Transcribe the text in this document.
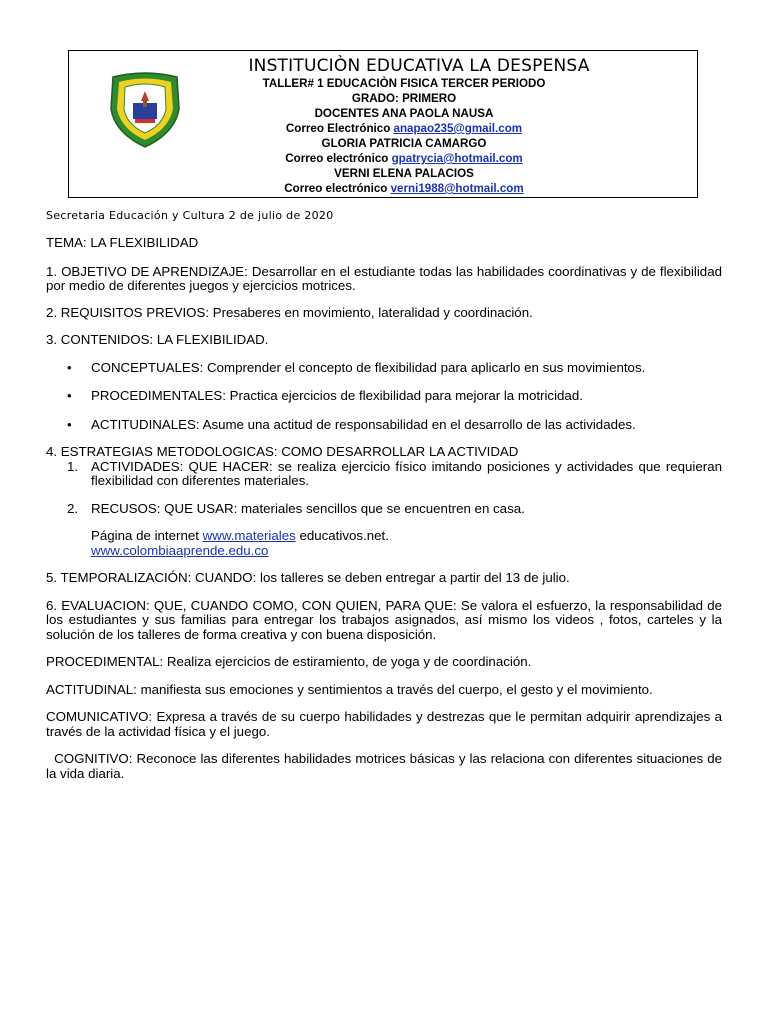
INSTITUCIÒN EDUCATIVA LA DESPENSA
TALLER# 1 EDUCACIÒN FISICA TERCER PERIODO
GRADO: PRIMERO
DOCENTES ANA PAOLA NAUSA
Correo Electrónico anapao235@gmail.com
GLORIA PATRICIA CAMARGO
Correo electrónico gpatrycia@hotmail.com
VERNI ELENA PALACIOS
Correo electrónico verni1988@hotmail.com
Secretaria Educación y Cultura 2 de julio de 2020

TEMA: LA FLEXIBILIDAD

1. OBJETIVO DE APRENDIZAJE: Desarrollar en el estudiante todas las habilidades coordinativas y de flexibilidad por medio de diferentes juegos y ejercicios motrices.

2. REQUISITOS PREVIOS: Presaberes en movimiento, lateralidad y coordinación.

3. CONTENIDOS: LA FLEXIBILIDAD.

• CONCEPTUALES: Comprender el concepto de flexibilidad para aplicarlo en sus movimientos.
• PROCEDIMENTALES: Practica ejercicios de flexibilidad para mejorar la motricidad.
• ACTITUDINALES: Asume una actitud de responsabilidad en el desarrollo de las actividades.

4. ESTRATEGIAS METODOLOGICAS: COMO DESARROLLAR LA ACTIVIDAD

1. ACTIVIDADES: QUE HACER: se realiza ejercicio físico imitando posiciones y actividades que requieran flexibilidad con diferentes materiales.
2. RECUSOS: QUE USAR: materiales sencillos que se encuentren en casa.
Página de internet www.materiales educativos.net.
www.colombiaaprende.edu.co

5. TEMPORALIZACIÓN: CUANDO: los talleres se deben entregar a partir del 13 de julio.

6. EVALUACION: QUE, CUANDO COMO, CON QUIEN, PARA QUE: Se valora el esfuerzo, la responsabilidad de los estudiantes y sus familias para entregar los trabajos asignados, así mismo los videos , fotos, carteles y la solución de los talleres de forma creativa y con buena disposición.

PROCEDIMENTAL: Realiza ejercicios de estiramiento, de yoga y de coordinación.

ACTITUDINAL: manifiesta sus emociones y sentimientos a través del cuerpo, el gesto y el movimiento.

COMUNICATIVO: Expresa a través de su cuerpo habilidades y destrezas que le permitan adquirir aprendizajes a través de la actividad física y el juego.

COGNITIVO: Reconoce las diferentes habilidades motrices básicas y las relaciona con diferentes situaciones de la vida diaria.
